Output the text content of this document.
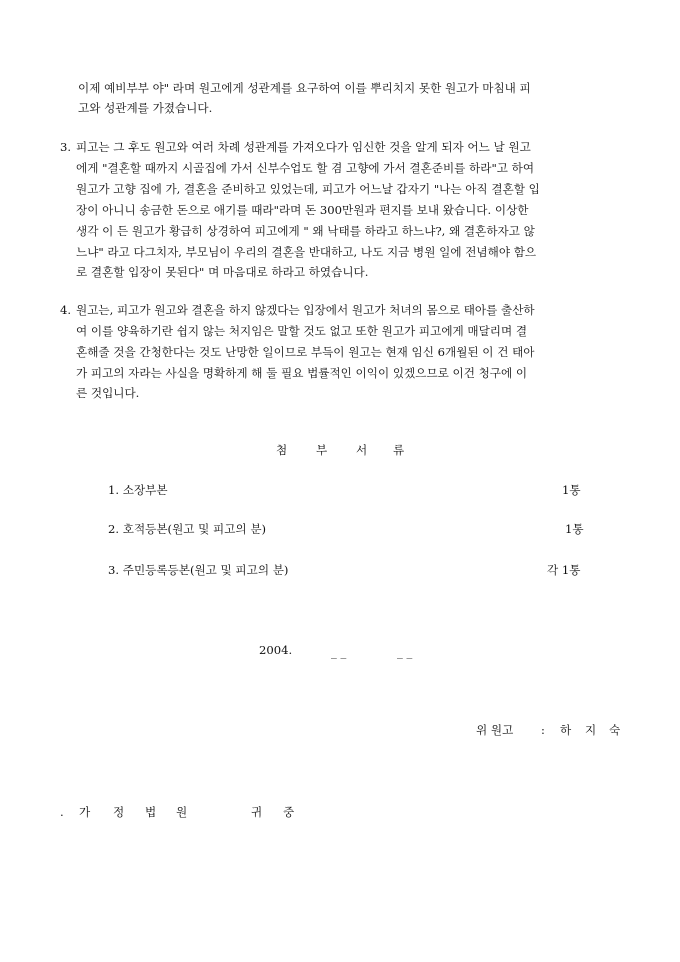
이제 예비부부 야" 라며 원고에게 성관계를 요구하여 이를 뿌리치지 못한 원고가 마침내 피
고와 성관계를 가졌습니다.
3. 피고는 그 후도 원고와 여러 차례 성관계를 가져오다가 임신한 것을 알게 되자 어느 날 원고
에게 "결혼할 때까지 시골집에 가서 신부수업도 할 겸 고향에 가서 결혼준비를 하라"고 하여
원고가 고향 집에 가, 결혼을 준비하고 있었는데, 피고가 어느날 갑자기 "나는 아직 결혼할 입
장이 아니니 송금한 돈으로 애기를 때라"라며 돈 300만원과 편지를 보내 왔습니다. 이상한
생각 이 든 원고가 황급히 상경하여 피고에게 " 왜 낙태를 하라고 하느냐?, 왜 결혼하자고 않
느냐" 라고 다그치자, 부모님이 우리의 결혼을 반대하고, 나도 지금 병원 일에 전념해야 함으
로 결혼할 입장이 못된다" 며 마음대로 하라고 하였습니다.
4. 원고는, 피고가 원고와 결혼을 하지 않겠다는 입장에서 원고가 처녀의 몸으로 태아를 출산하
여 이를 양육하기란 쉽지 않는 처지임은 말할 것도 없고 또한 원고가 피고에게 매달리며 결
혼해줄 것을 간청한다는 것도 난망한 일이므로 부득이 원고는 현재 임신 6개월된 이 건 태아
가 피고의 자라는 사실을 명확하게 해 둘 필요 법률적인 이익이 있겠으므로 이건 청구에 이
른 것입니다.
첨 부 서 류
1. 소장부본	1통
2. 호적등본(원고 및 피고의 분)	1통
3. 주민등록등본(원고 및 피고의 분)	각 1통
2004.	_ _	_ _
위 원고 : 하 지 숙
. 가 정 법 원	귀 중
